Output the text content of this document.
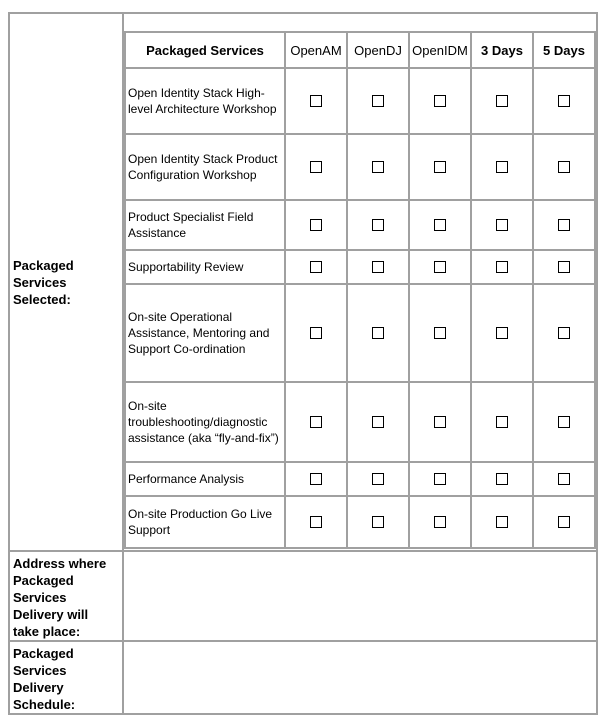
Packaged
Services
Selected:

Packaged Services	OpenAM	OpenDJ	OpenIDM	3 Days	5 Days

Open Identity Stack High-
level Architecture Workshop

Open Identity Stack Product
Configuration Workshop

Product Specialist Field
Assistance

Supportability Review

On-site Operational
Assistance, Mentoring and
Support Co-ordination

On-site
troubleshooting/diagnostic
assistance (aka “fly-and-fix”)

Performance Analysis

On-site Production Go Live
Support

Address where
Packaged
Services
Delivery will
take place:

Packaged
Services
Delivery
Schedule:
